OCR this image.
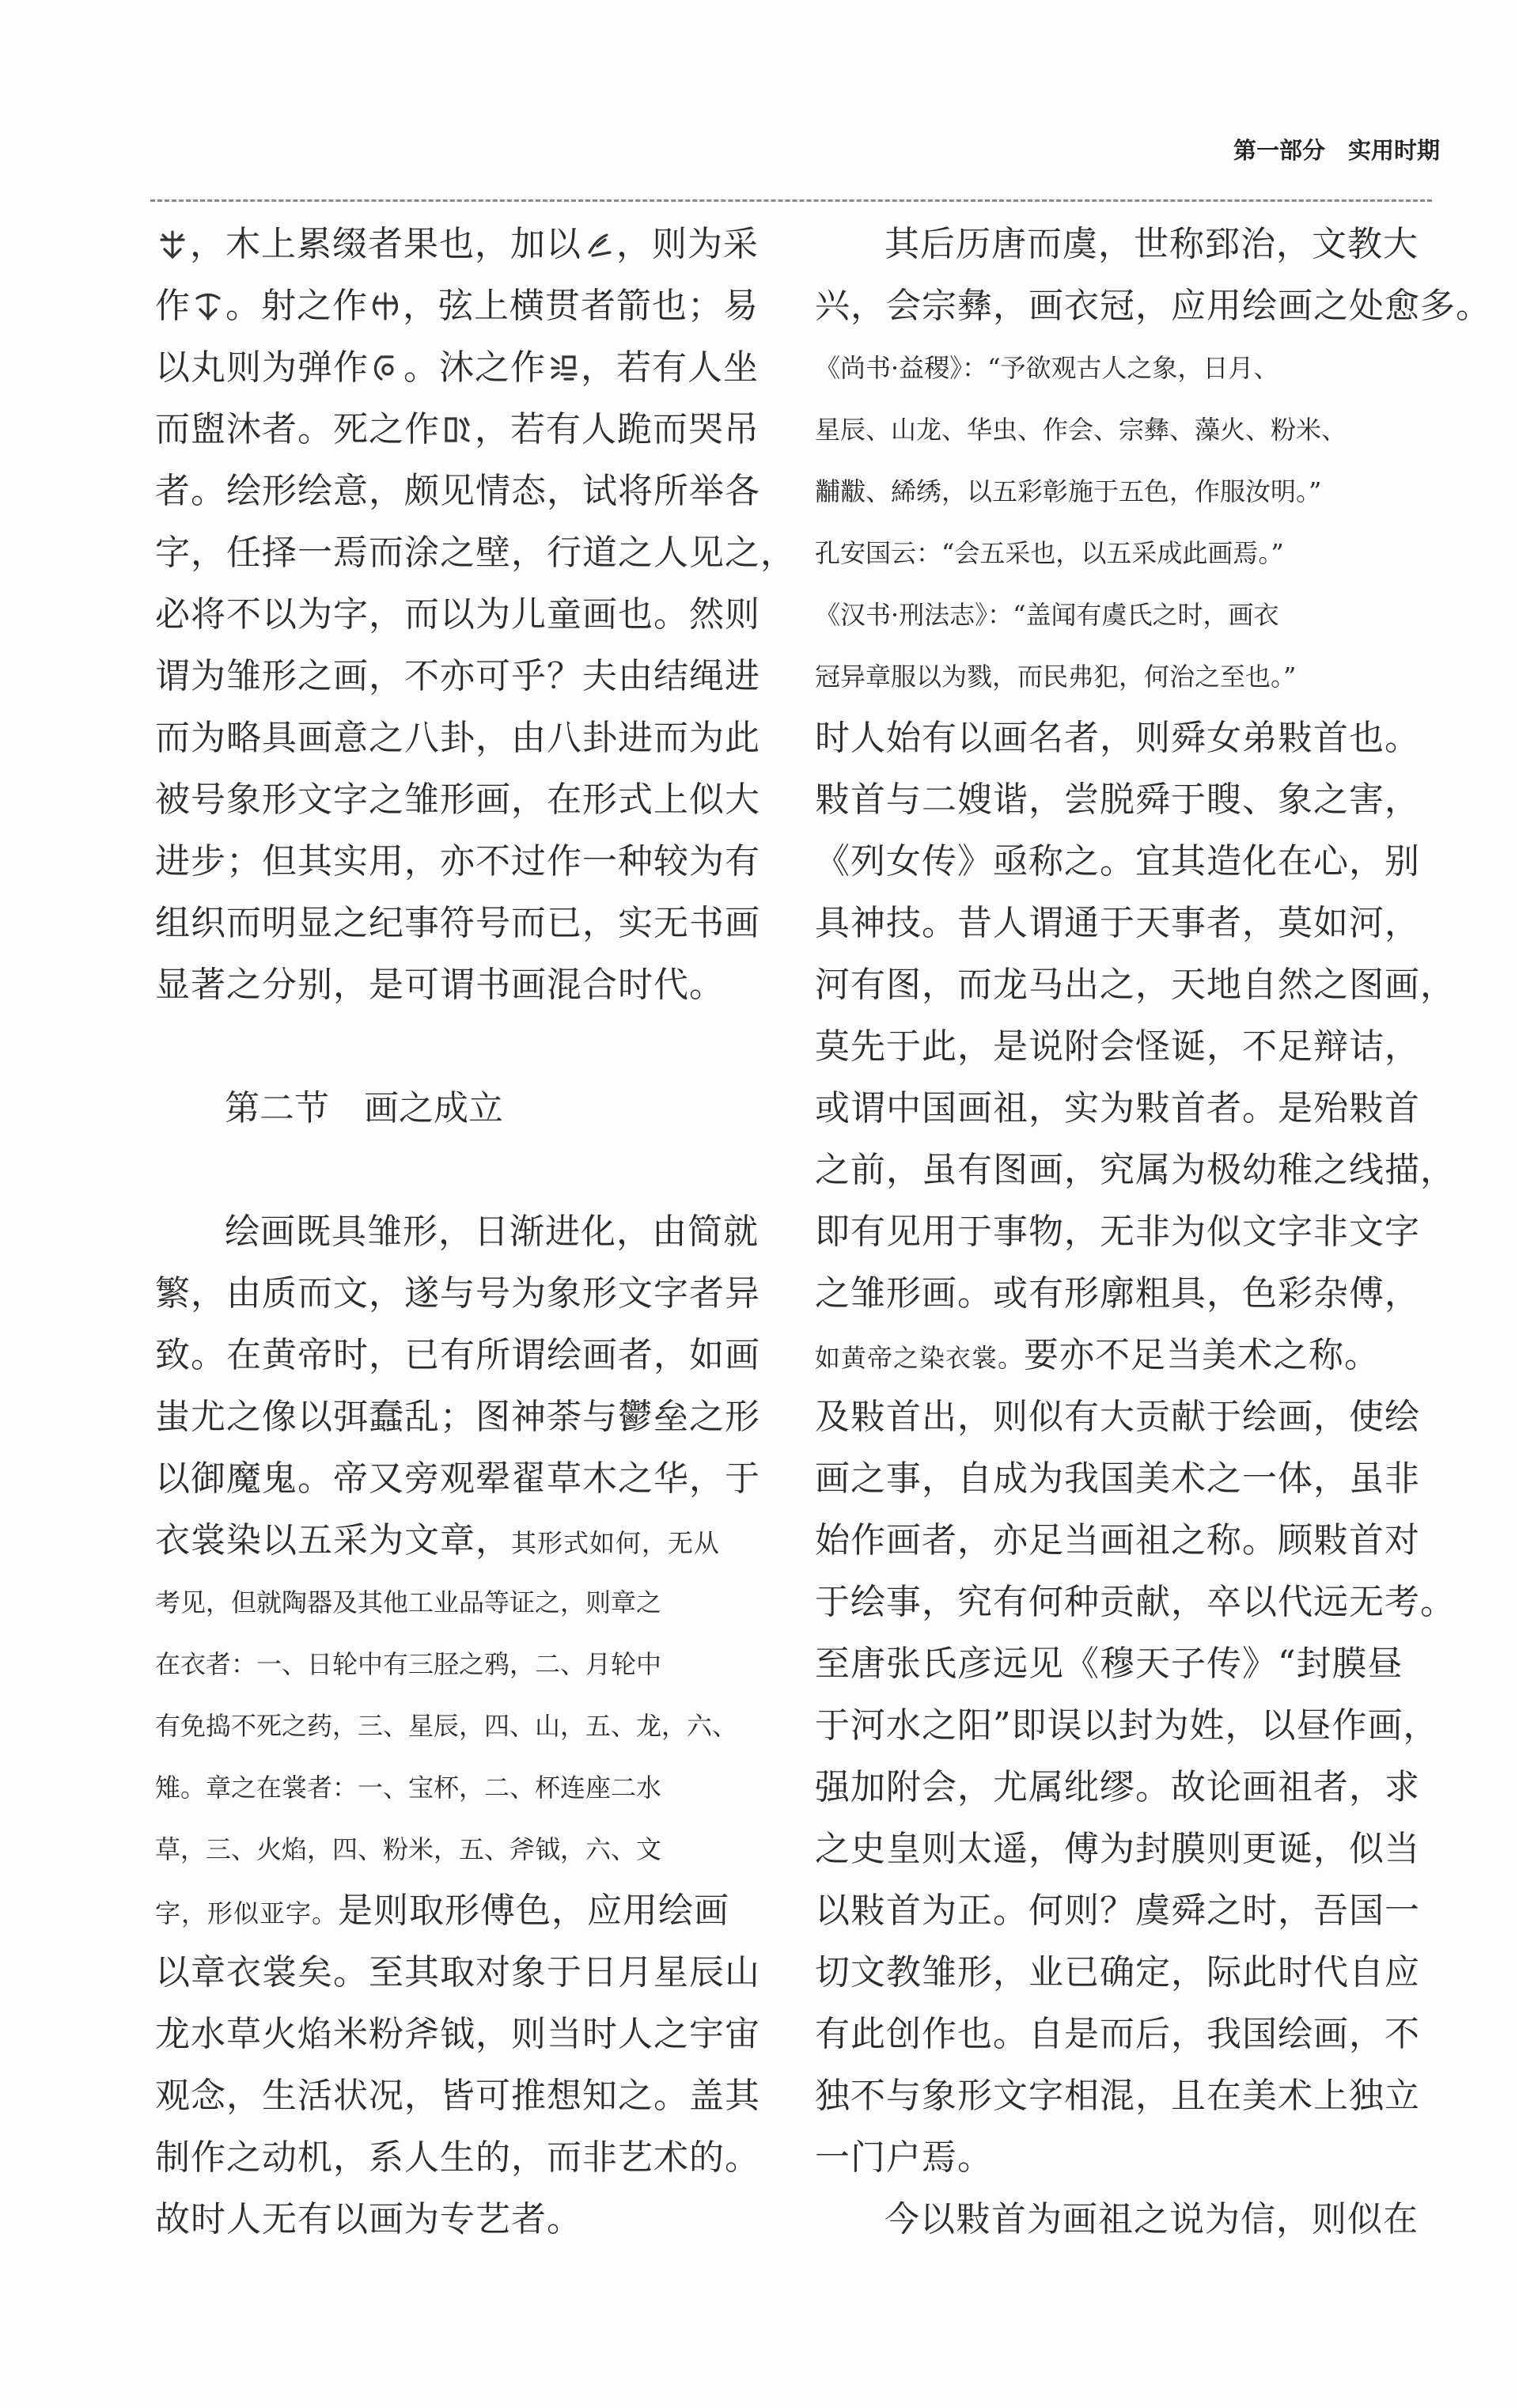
第一部分　实用时期
，木上累缀者果也，加以 ，则为采
作 。射之作 ，弦上横贯者箭也；易
以丸则为弹作 。沐之作 ，若有人坐
而盥沐者。死之作 ，若有人跪而哭吊
者。绘形绘意，颇见情态，试将所举各
字，任择一焉而涂之壁，行道之人见之，
必将不以为字，而以为儿童画也。然则
谓为雏形之画，不亦可乎？夫由结绳进
而为略具画意之八卦，由八卦进而为此
被号象形文字之雏形画，在形式上似大
进步；但其实用，亦不过作一种较为有
组织而明显之纪事符号而已，实无书画
显著之分别，是可谓书画混合时代。
第二节　画之成立
绘画既具雏形，日渐进化，由简就
繁，由质而文，遂与号为象形文字者异
致。在黄帝时，已有所谓绘画者，如画
蚩尤之像以弭蠢乱；图神荼与鬱垒之形
以御魔鬼。帝又旁观翚翟草木之华，于
衣裳染以五采为文章，其形式如何，无从
考见，但就陶器及其他工业品等证之，则章之
在衣者：一、日轮中有三胫之鸦，二、月轮中
有免捣不死之药，三、星辰，四、山，五、龙，六、
雉。章之在裳者：一、宝杯，二、杯连座二水
草，三、火焰，四、粉米，五、斧钺，六、文
字，形似亚字。是则取形傅色，应用绘画
以章衣裳矣。至其取对象于日月星辰山
龙水草火焰米粉斧钺，则当时人之宇宙
观念，生活状况，皆可推想知之。盖其
制作之动机，系人生的，而非艺术的。
故时人无有以画为专艺者。
其后历唐而虞，世称郅治，文教大
兴，会宗彝，画衣冠，应用绘画之处愈多。
《尚书·益稷》：“予欲观古人之象，日月、
星辰、山龙、华虫、作会、宗彝、藻火、粉米、
黼黻、絺绣，以五彩彰施于五色，作服汝明。”
孔安国云：“会五采也，以五采成此画焉。”
《汉书·刑法志》：“盖闻有虞氏之时，画衣
冠异章服以为戮，而民弗犯，何治之至也。”
时人始有以画名者，则舜女弟敤首也。
敤首与二嫂谐，尝脱舜于瞍、象之害，
《列女传》亟称之。宜其造化在心，别
具神技。昔人谓通于天事者，莫如河，
河有图，而龙马出之，天地自然之图画，
莫先于此，是说附会怪诞，不足辩诘，
或谓中国画祖，实为敤首者。是殆敤首
之前，虽有图画，究属为极幼稚之线描，
即有见用于事物，无非为似文字非文字
之雏形画。或有形廓粗具，色彩杂傅，
如黄帝之染衣裳。要亦不足当美术之称。
及敤首出，则似有大贡献于绘画，使绘
画之事，自成为我国美术之一体，虽非
始作画者，亦足当画祖之称。顾敤首对
于绘事，究有何种贡献，卒以代远无考。
至唐张氏彦远见《穆天子传》“封膜昼
于河水之阳”即误以封为姓，以昼作画，
强加附会，尤属纰缪。故论画祖者，求
之史皇则太遥，傅为封膜则更诞，似当
以敤首为正。何则？虞舜之时，吾国一
切文教雏形，业已确定，际此时代自应
有此创作也。自是而后，我国绘画，不
独不与象形文字相混，且在美术上独立
一门户焉。
今以敤首为画祖之说为信，则似在
